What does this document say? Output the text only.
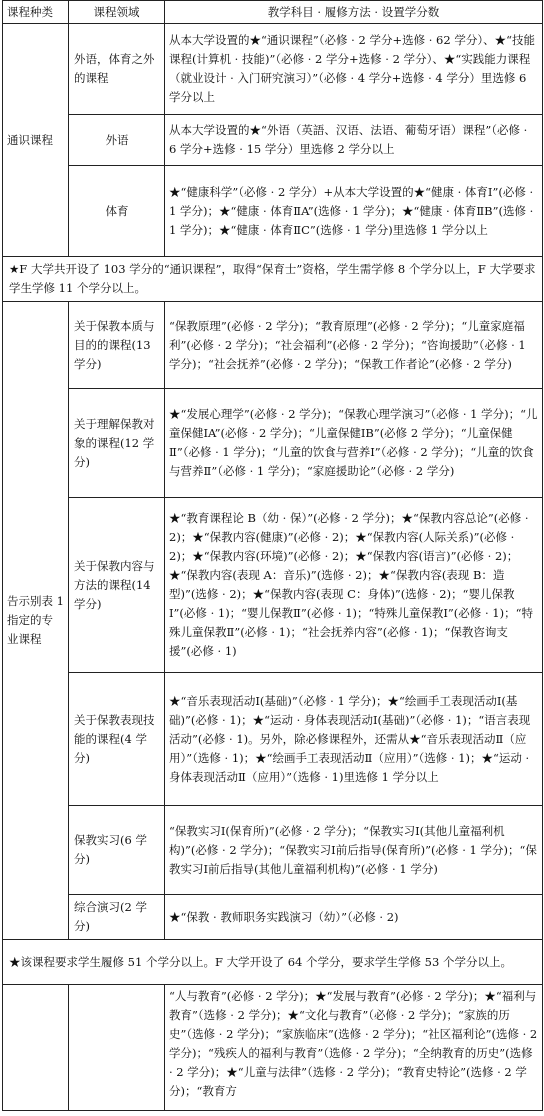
课程种类	课程领域	教学科目 · 履修方法 · 设置学分数
通识课程	外语，体育之外的课程	从本大学设置的★“通识课程”（必修 · 2 学分+选修 · 62 学分）、★“技能课程(计算机 · 技能)”（必修 · 2 学分+选修 · 2 学分）、★“实践能力课程（就业设计 · 入门研究演习）”（必修 · 4 学分+选修 · 4 学分）里选修 6 学分以上
	外语	从本大学设置的★“外语（英語、汉语、法语、葡萄牙语）课程”（必修 · 6 学分+选修 · 15 学分）里选修 2 学分以上
	体育	★“健康科学”（必修 · 2 学分）+从本大学设置的★“健康 · 体育Ⅰ”(必修 · 1 学分)；★“健康 · 体育ⅡA”(选修 · 1 学分)；★“健康 · 体育ⅡB”(选修 · 1 学分)；★“健康 · 体育ⅡC”(选修 · 1 学分)里选修 1 学分以上
★F 大学共开设了 103 学分的“通识课程”，取得“保育士”资格，学生需学修 8 个学分以上，F 大学要求学生学修 11 个学分以上。		
告示别表 1 指定的专业课程	关于保教本质与目的的课程(13 学分)	“保教原理”(必修 · 2 学分)；“教育原理”(必修 · 2 学分)；“儿童家庭福利”(必修 · 2 学分)；“社会福利”(必修 · 2 学分)；“咨询援助”（必修 · 1 学分)；“社会抚养”(必修 · 2 学分)；“保教工作者论”(必修 · 2 学分)
	关于理解保教对象的课程(12 学分)	★“发展心理学”(必修 · 2 学分)；“保教心理学演习”（必修 · 1 学分)；“儿童保健ⅠA”(必修 · 2 学分)；“儿童保健ⅠB”(必修 2 学分)；“儿童保健Ⅱ”（必修 · 1 学分)；“儿童的饮食与营养Ⅰ”（必修 · 2 学分)；“儿童的饮食与营养Ⅱ”（必修 · 1 学分)；“家庭援助论”（必修 · 2 学分)
	关于保教内容与方法的课程(14 学分)	★“教育课程论 B（幼 · 保）”(必修 · 2 学分)；★“保教内容总论”(必修 · 2)；★“保教内容(健康)”(必修 · 2)；★“保教内容(人际关系)”(必修 · 2)；★“保教内容(环境)”(必修 · 2)；★“保教内容(语言)”(必修 · 2)；★“保教内容(表现 A：音乐)”(选修 · 2)；★“保教内容(表现 B：造型)”(选修 · 2)；★“保教内容(表现 C：身体)”(选修 · 2)；“婴儿保教Ⅰ”(必修 · 1)；“婴儿保教Ⅱ”(必修 · 1)；“特殊儿童保教Ⅰ”(必修 · 1)；“特殊儿童保教Ⅱ”(必修 · 1)；“社会抚养内容”(必修 · 1)；“保教咨询支援”(必修 · 1)
	关于保教表现技能的课程(4 学分)	★“音乐表现活动Ⅰ(基础)”（必修 · 1 学分)；★“绘画手工表现活动Ⅰ(基础)”(必修 · 1)；★“运动 · 身体表现活动Ⅰ(基础)”（必修 · 1)；“语言表现活动”(必修 · 1)。另外，除必修课程外，还需从★“音乐表现活动Ⅱ（应用）”（选修 · 1)；★“绘画手工表现活动Ⅱ（应用）”（选修 · 1)；★“运动 · 身体表现活动Ⅱ（应用）”（选修 · 1)里选修 1 学分以上
	保教实习(6 学分)	“保教实习Ⅰ(保育所)”(必修 · 2 学分)；“保教实习Ⅰ(其他儿童福利机构)”(必修 · 2 学分)；“保教实习Ⅰ前后指导(保育所)”(必修 · 1 学分)；“保教实习Ⅰ前后指导(其他儿童福利机构)”(必修 · 1 学分)
	综合演习(2 学分)	★“保教 · 教师职务实践演习（幼）”（必修 · 2)
★该课程要求学生履修 51 个学分以上。F 大学开设了 64 个学分，要求学生学修 53 个学分以上。		
		“人与教育”(必修 · 2 学分)；★“发展与教育”(必修 · 2 学分)；★“福利与教育”（选修 · 2 学分)；★“文化与教育”（必修 · 2 学分)；“家族的历史”（选修 · 2 学分)；“家族临床”(选修 · 2 学分)；“社区福利论”(选修 · 2 学分)；“残疾人的福利与教育”（选修 · 2 学分)；“全纳教育的历史”(选修 · 2 学分)；★“儿童与法律”（选修 · 2 学分)；“教育史特论”(选修 · 2 学分)；“教育方
